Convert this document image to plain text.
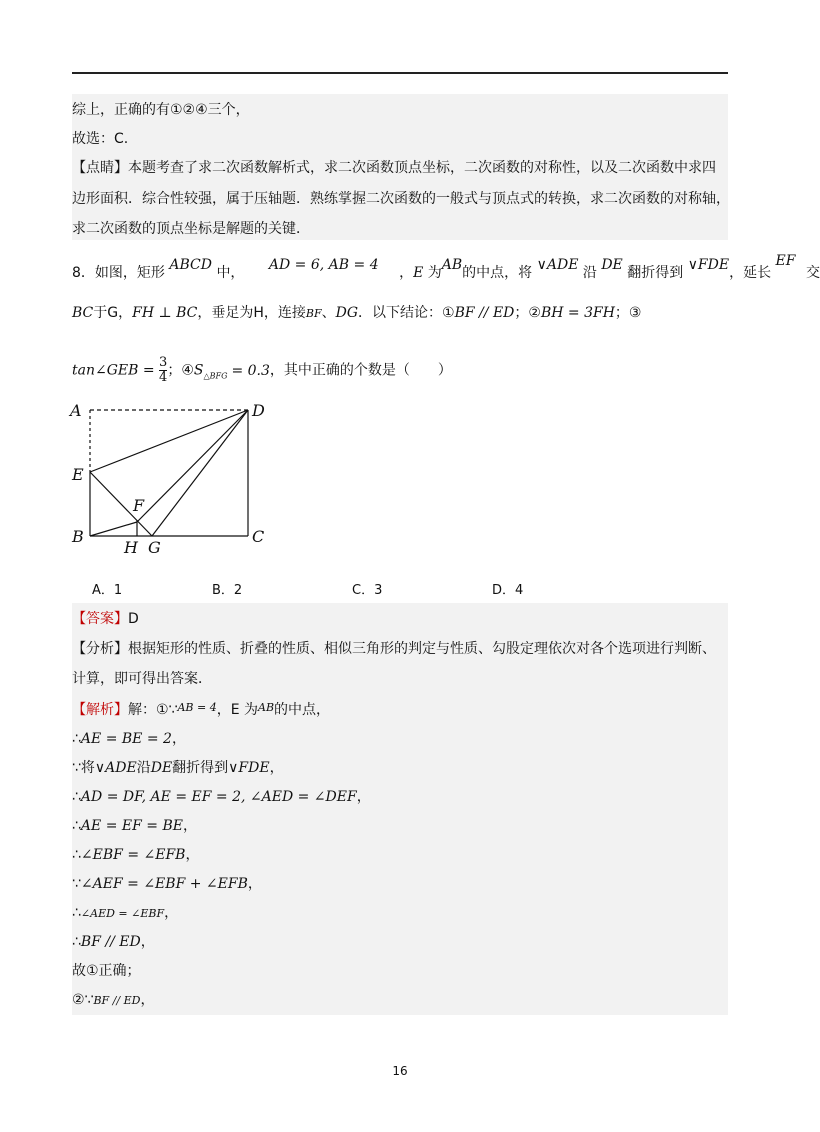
综上，正确的有①②④三个，
故选：C.
【点睛】本题考查了求二次函数解析式，求二次函数顶点坐标，二次函数的对称性，以及二次函数中求四
边形面积．综合性较强，属于压轴题．熟练掌握二次函数的一般式与顶点式的转换，求二次函数的对称轴，
求二次函数的顶点坐标是解题的关键．
8．如图，矩形 ABCD 中， AD = 6, AB = 4 ，E 为AB的中点，将 ∨ADE 沿 DE 翻折得到 ∨FDE，延长 EF 交
BC于G，FH ⊥ BC，垂足为H，连接BF、DG．以下结论：①BF // ED；②BH = 3FH；③
tan∠GEB = $\frac{3}{4}$ ；$④S_{\triangle BFG} = 0.3$，其中正确的个数是（　　）
A	D
E
F
B
H G
C
A．1	B．2	C．3	D．4
【答案】D
【分析】根据矩形的性质、折叠的性质、相似三角形的判定与性质、勾股定理依次对各个选项进行判断、
计算，即可得出答案．
【解析】解：①∵$^{AB = 4}$，E 为$^{AB}$的中点，
∴AE = BE = 2，
∵将∨ADE沿DE翻折得到∨FDE，
∴AD = DF, AE = EF = 2, ∠AED = ∠DEF，
∴AE = EF = BE，
∴∠EBF = ∠EFB，
∵∠AEF = ∠EBF + ∠EFB，
∴∠AED = ∠EBF，
∴BF // ED，
故①正确；
②∵BF // ED，
16
